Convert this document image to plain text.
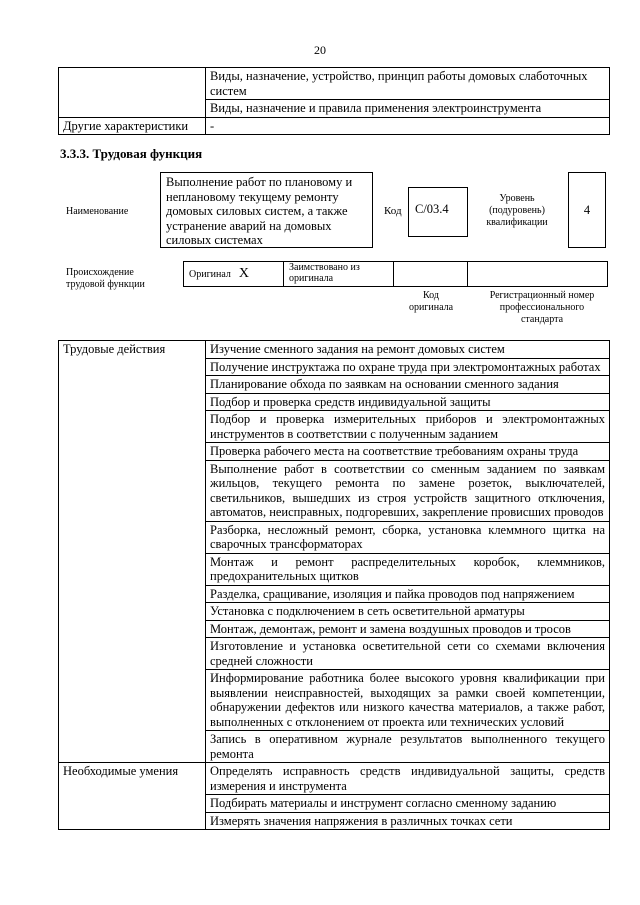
20
	Виды, назначение, устройство, принцип работы домовых слаботочных систем
	Виды, назначение и правила применения электроинструмента
Другие характеристики	-
3.3.3. Трудовая функция
Наименование
Выполнение работ по плановому и неплановому текущему ремонту домовых силовых систем, а также устранение аварий на домовых силовых системах
Код	C/03.4
Уровень (подуровень) квалификации
4
Происхождение трудовой функции
Оригинал X	Заимствовано из оригинала		
Код оригинала
Регистрационный номер профессионального стандарта
Трудовые действия	Изучение сменного задания на ремонт домовых систем
	Получение инструктажа по охране труда при электромонтажных работах
	Планирование обхода по заявкам на основании сменного задания
	Подбор и проверка средств индивидуальной защиты
	Подбор и проверка измерительных приборов и электромонтажных инструментов в соответствии с полученным заданием
	Проверка рабочего места на соответствие требованиям охраны труда
	Выполнение работ в соответствии со сменным заданием по заявкам жильцов, текущего ремонта по замене розеток, выключателей, светильников, вышедших из строя устройств защитного отключения, автоматов, неисправных, подгоревших, закрепление провисших проводов
	Разборка, несложный ремонт, сборка, установка клеммного щитка на сварочных трансформаторах
	Монтаж и ремонт распределительных коробок, клеммников, предохранительных щитков
	Разделка, сращивание, изоляция и пайка проводов под напряжением
	Установка с подключением в сеть осветительной арматуры
	Монтаж, демонтаж, ремонт и замена воздушных проводов и тросов
	Изготовление и установка осветительной сети со схемами включения средней сложности
	Информирование работника более высокого уровня квалификации при выявлении неисправностей, выходящих за рамки своей компетенции, обнаружении дефектов или низкого качества материалов, а также работ, выполненных с отклонением от проекта или технических условий
	Запись в оперативном журнале результатов выполненного текущего ремонта
Необходимые умения	Определять исправность средств индивидуальной защиты, средств измерения и инструмента
	Подбирать материалы и инструмент согласно сменному заданию
	Измерять значения напряжения в различных точках сети
